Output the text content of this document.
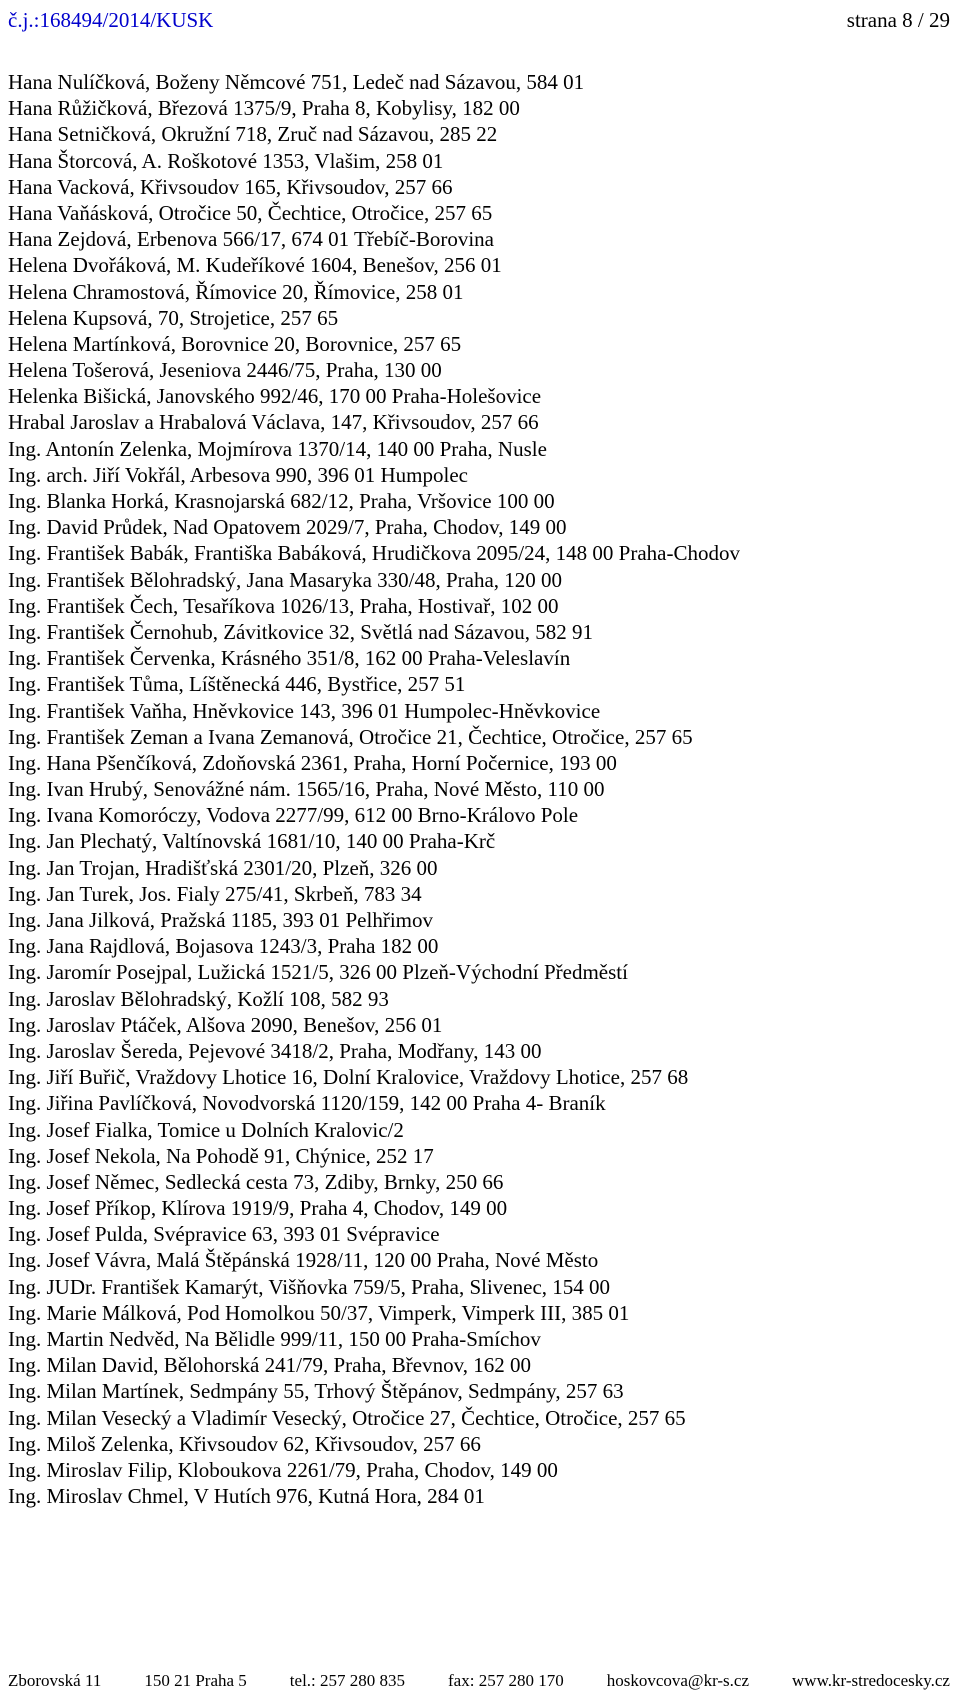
č.j.:168494/2014/KUSK	strana 8 / 29
Hana Nulíčková, Boženy Němcové 751, Ledeč nad Sázavou, 584 01
Hana Růžičková, Březová 1375/9, Praha 8, Kobylisy, 182 00
Hana Setničková, Okružní 718, Zruč nad Sázavou, 285 22
Hana Štorcová, A. Roškotové 1353, Vlašim, 258 01
Hana Vacková, Křivsoudov 165, Křivsoudov, 257 66
Hana Vaňásková, Otročice 50, Čechtice, Otročice, 257 65
Hana Zejdová, Erbenova 566/17, 674 01 Třebíč-Borovina
Helena Dvořáková, M. Kudeříkové 1604, Benešov, 256 01
Helena Chramostová, Římovice 20, Římovice, 258 01
Helena Kupsová, 70, Strojetice, 257 65
Helena Martínková, Borovnice 20, Borovnice, 257 65
Helena Tošerová, Jeseniova 2446/75, Praha, 130 00
Helenka Bišická, Janovského 992/46, 170 00 Praha-Holešovice
Hrabal Jaroslav a Hrabalová Václava, 147, Křivsoudov, 257 66
Ing. Antonín Zelenka, Mojmírova 1370/14, 140 00 Praha, Nusle
Ing. arch. Jiří Vokřál, Arbesova 990, 396 01 Humpolec
Ing. Blanka Horká, Krasnojarská 682/12, Praha, Vršovice 100 00
Ing. David Průdek, Nad Opatovem 2029/7, Praha, Chodov, 149 00
Ing. František Babák, Františka Babáková, Hrudičkova 2095/24, 148 00 Praha-Chodov
Ing. František Bělohradský, Jana Masaryka 330/48, Praha, 120 00
Ing. František Čech, Tesaříkova 1026/13, Praha, Hostivař, 102 00
Ing. František Černohub, Závitkovice 32, Světlá nad Sázavou, 582 91
Ing. František Červenka, Krásného 351/8, 162 00 Praha-Veleslavín
Ing. František Tůma, Líštěnecká 446, Bystřice, 257 51
Ing. František Vaňha, Hněvkovice 143, 396 01 Humpolec-Hněvkovice
Ing. František Zeman a Ivana Zemanová, Otročice 21, Čechtice, Otročice, 257 65
Ing. Hana Pšenčíková, Zdoňovská 2361, Praha, Horní Počernice, 193 00
Ing. Ivan Hrubý, Senovážné nám. 1565/16, Praha, Nové Město, 110 00
Ing. Ivana Komoróczy, Vodova 2277/99, 612 00 Brno-Královo Pole
Ing. Jan Plechatý, Valtínovská 1681/10, 140 00 Praha-Krč
Ing. Jan Trojan, Hradišťská 2301/20, Plzeň, 326 00
Ing. Jan Turek, Jos. Fialy 275/41, Skrbeň, 783 34
Ing. Jana Jilková, Pražská 1185, 393 01 Pelhřimov
Ing. Jana Rajdlová, Bojasova 1243/3, Praha 182 00
Ing. Jaromír Posejpal, Lužická 1521/5, 326 00 Plzeň-Východní Předměstí
Ing. Jaroslav Bělohradský, Kožlí 108, 582 93
Ing. Jaroslav Ptáček, Alšova 2090, Benešov, 256 01
Ing. Jaroslav Šereda, Pejevové 3418/2, Praha, Modřany, 143 00
Ing. Jiří Buřič, Vraždovy Lhotice 16, Dolní Kralovice, Vraždovy Lhotice, 257 68
Ing. Jiřina Pavlíčková, Novodvorská 1120/159, 142 00 Praha 4- Braník
Ing. Josef Fialka, Tomice u Dolních Kralovic/2
Ing. Josef Nekola, Na Pohodě 91, Chýnice, 252 17
Ing. Josef Němec, Sedlecká cesta 73, Zdiby, Brnky, 250 66
Ing. Josef Příkop, Klírova 1919/9, Praha 4, Chodov, 149 00
Ing. Josef Pulda, Svépravice 63, 393 01 Svépravice
Ing. Josef Vávra, Malá Štěpánská 1928/11, 120 00 Praha, Nové Město
Ing. JUDr. František Kamarýt, Višňovka 759/5, Praha, Slivenec, 154 00
Ing. Marie Málková, Pod Homolkou 50/37, Vimperk, Vimperk III, 385 01
Ing. Martin Nedvěd, Na Bělidle 999/11, 150 00 Praha-Smíchov
Ing. Milan David, Bělohorská 241/79, Praha, Břevnov, 162 00
Ing. Milan Martínek, Sedmpány 55, Trhový Štěpánov, Sedmpány, 257 63
Ing. Milan Vesecký a Vladimír Vesecký, Otročice 27, Čechtice, Otročice, 257 65
Ing. Miloš Zelenka, Křivsoudov 62, Křivsoudov, 257 66
Ing. Miroslav Filip, Kloboukova 2261/79, Praha, Chodov, 149 00
Ing. Miroslav Chmel, V Hutích 976, Kutná Hora, 284 01
Zborovská 11	150 21 Praha 5	tel.: 257 280 835	fax: 257 280 170	hoskovcova@kr-s.cz	www.kr-stredocesky.cz
